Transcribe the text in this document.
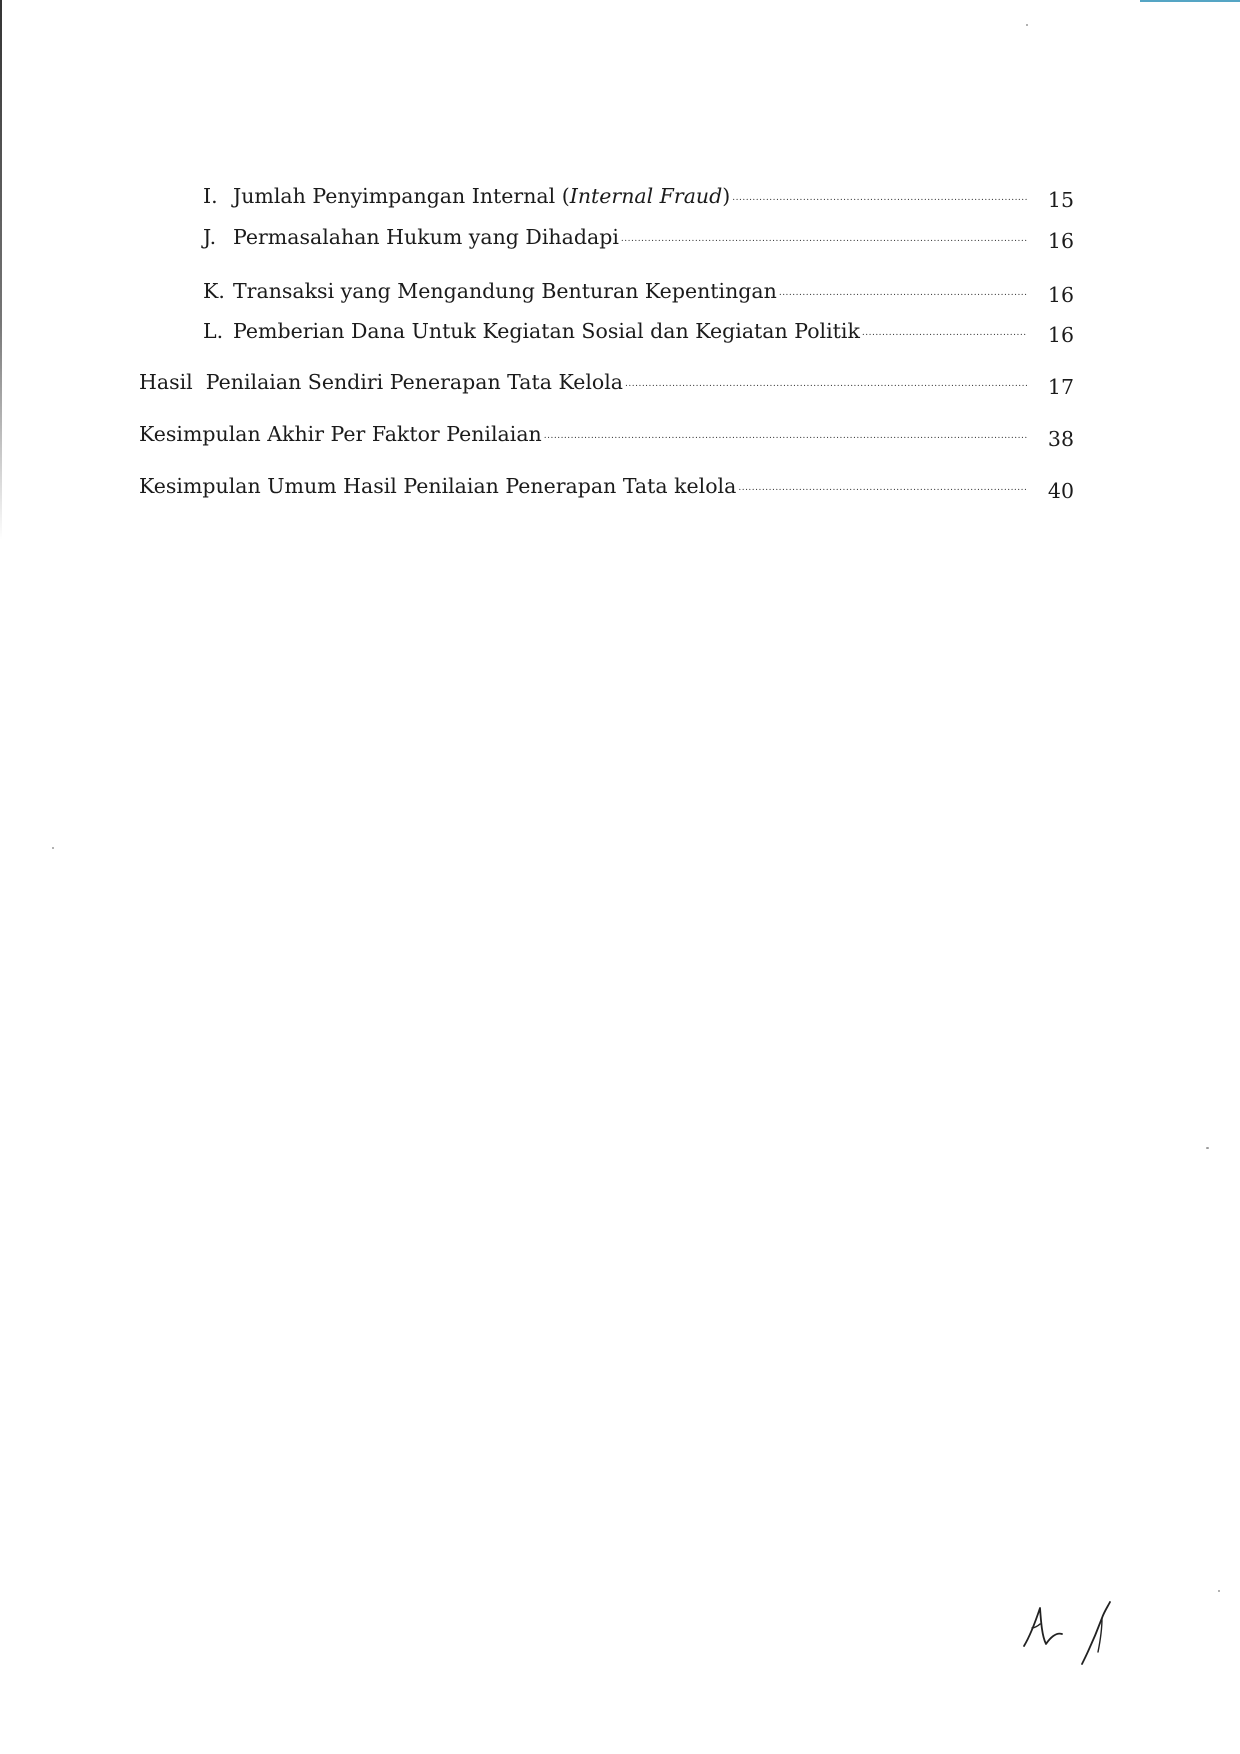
I. Jumlah Penyimpangan Internal (Internal Fraud) .....	15
J. Permasalahan Hukum yang Dihadapi .....	16
K. Transaksi yang Mengandung Benturan Kepentingan .....	16
L. Pemberian Dana Untuk Kegiatan Sosial dan Kegiatan Politik .....	16
Hasil  Penilaian Sendiri Penerapan Tata Kelola .....	17
Kesimpulan Akhir Per Faktor Penilaian .....	38
Kesimpulan Umum Hasil Penilaian Penerapan Tata kelola .....	40
